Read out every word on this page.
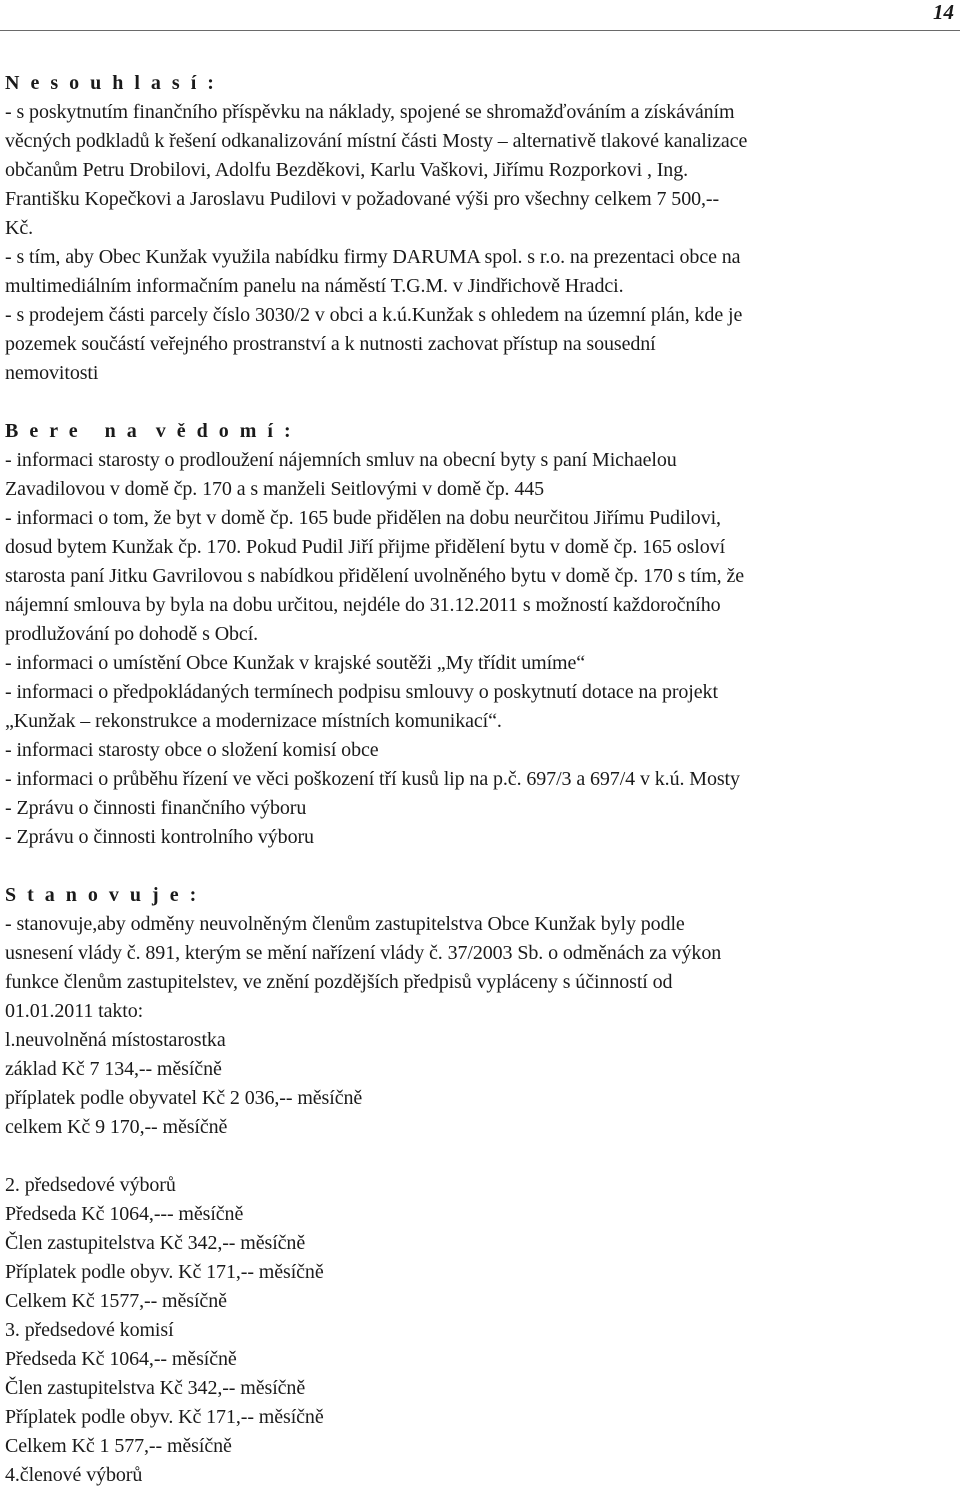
14
N e s o u h l a s í :
- s poskytnutím finančního příspěvku na náklady, spojené se shromažďováním a získáváním
věcných podkladů k řešení odkanalizování místní části Mosty – alternativě tlakové kanalizace
občanům Petru Drobilovi, Adolfu Bezděkovi, Karlu Vaškovi, Jiřímu Rozporkovi , Ing.
Františku Kopečkovi a Jaroslavu Pudilovi v požadované výši pro všechny celkem 7 500,--
Kč.
- s tím, aby Obec Kunžak využila nabídku firmy DARUMA spol. s r.o. na prezentaci obce na
multimediálním informačním panelu na náměstí T.G.M. v Jindřichově Hradci.
- s prodejem části parcely číslo 3030/2 v obci a k.ú.Kunžak s ohledem na územní plán, kde je
pozemek součástí veřejného prostranství a k nutnosti zachovat přístup na sousední
nemovitosti
B e r e   n a  v ě d o m í :
- informaci starosty o prodloužení nájemních smluv na obecní byty s paní Michaelou
Zavadilovou v domě čp. 170 a s manželi Seitlovými v domě čp. 445
- informaci o tom, že byt v domě čp. 165 bude přidělen na dobu neurčitou Jiřímu Pudilovi,
dosud bytem Kunžak čp. 170. Pokud Pudil Jiří přijme přidělení bytu v domě čp. 165 osloví
starosta paní Jitku Gavrilovou s nabídkou přidělení uvolněného bytu v domě čp. 170 s tím, že
nájemní smlouva by byla na dobu určitou, nejdéle do 31.12.2011 s možností každoročního
prodlužování po dohodě s Obcí.
- informaci o umístění Obce Kunžak v krajské soutěži „My třídit umíme“
- informaci o předpokládaných termínech podpisu smlouvy o poskytnutí dotace na projekt
„Kunžak – rekonstrukce a modernizace místních komunikací“.
- informaci starosty obce o složení komisí obce
- informaci o průběhu řízení ve věci poškození tří kusů lip na p.č. 697/3 a 697/4 v k.ú. Mosty
- Zprávu o činnosti finančního výboru
- Zprávu o činnosti kontrolního výboru
S t a n o v u j e :
- stanovuje,aby odměny neuvolněným členům zastupitelstva Obce Kunžak byly podle
usnesení vlády č. 891, kterým se mění nařízení vlády č. 37/2003 Sb. o odměnách za výkon
funkce členům zastupitelstev, ve znění pozdějších předpisů vypláceny s účinností od
01.01.2011 takto:
l.neuvolněná místostarostka
základ Kč 7 134,-- měsíčně
příplatek podle obyvatel Kč 2 036,-- měsíčně
celkem Kč 9 170,-- měsíčně
2. předsedové výborů
Předseda Kč 1064,--- měsíčně
Člen zastupitelstva Kč 342,-- měsíčně
Příplatek podle obyv. Kč 171,-- měsíčně
Celkem Kč 1577,-- měsíčně
3. předsedové komisí
Předseda Kč 1064,-- měsíčně
Člen zastupitelstva Kč 342,-- měsíčně
Příplatek podle obyv. Kč 171,-- měsíčně
Celkem Kč 1 577,-- měsíčně
4.členové výborů
